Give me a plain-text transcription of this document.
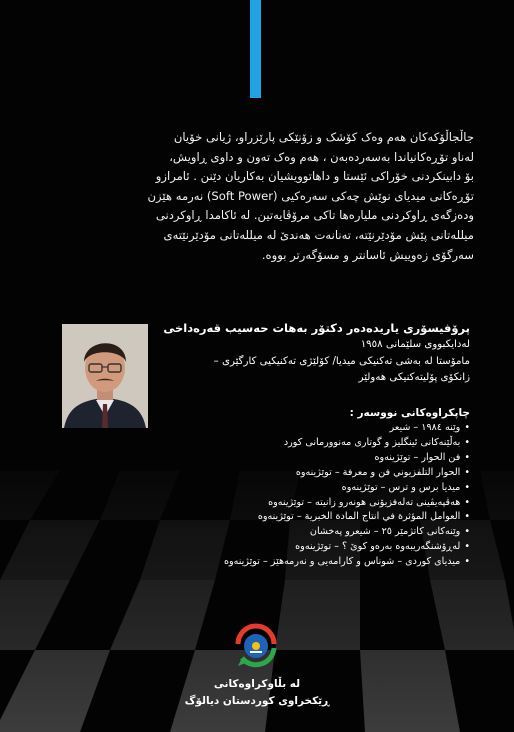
جاڵجاڵۆکەکان هەم وەک کۆشک و زۆنێکی پارێزراو، ژیانی خۆیان
لەناو تۆڕەکانیاندا بەسەردەبەن ، هەم وەک تەون و داوی ڕاویش،
بۆ دابینکردنی خۆراکی ئێستا و داهاتوویشیان بەکاریان دێنن . ئامرازو
تۆڕەکانی میدیای نوێش چەکی سەرەکیی (Soft Power) نەرمە هێزن
ودەزگەی ڕاوکردنی ملیارەها تاکی مرۆڤایەتین. لە ئاکامدا ڕاوکردنی
میللەتانی پێش مۆدێرنێتە، تەنانەت هەندێ لە میللەتانی مۆدێرنێتەی
سەرگۆی زەوییش ئاسانتر و مسۆگەرتر بووە.

پرۆفیسۆری یاریدەدەر دکتۆر بەهات حەسیب قەرەداخی

لەدایکبووی سلێمانی ١٩٥٨

مامۆستا لە بەشی تەکنیکی میدیا/ کۆلێژی تەکنیکیی کارگێری –

زانکۆی پۆلیتەکنیکی هەولێر

چاپکراوەکانی نووسەر :

• وێنە ١٩٨٤ – شیعر
• بەڵێنەکانی ئینگلیز و گوتاری مەنوورمانی کورد
• فن الحوار – توێژینەوە
• الحوار التلفزيوني فن و معرفة – توێژینەوە
• میدیا برس و ترس – توێژینەوە
• هەڤپەیڤینی تەلەفزیۆنی هونەرو زانیتە – توێژینەوە
• العوامل المؤثرة في انتاج المادة الخبرية – توێژینەوە
• وێنەکانی کاتژمێر ٢٥ – شیعرو پەخشان
• لەڕۆشنگەریبەوە بەرەو کوێ ؟ – توێژینەوە
• میدیای کوردی – شوناس و کارامەیی و نەرمەهێز – توێژینەوە
لە بڵاوکراوەکانی
ڕێکخراوی کوردستان دیالۆگ
